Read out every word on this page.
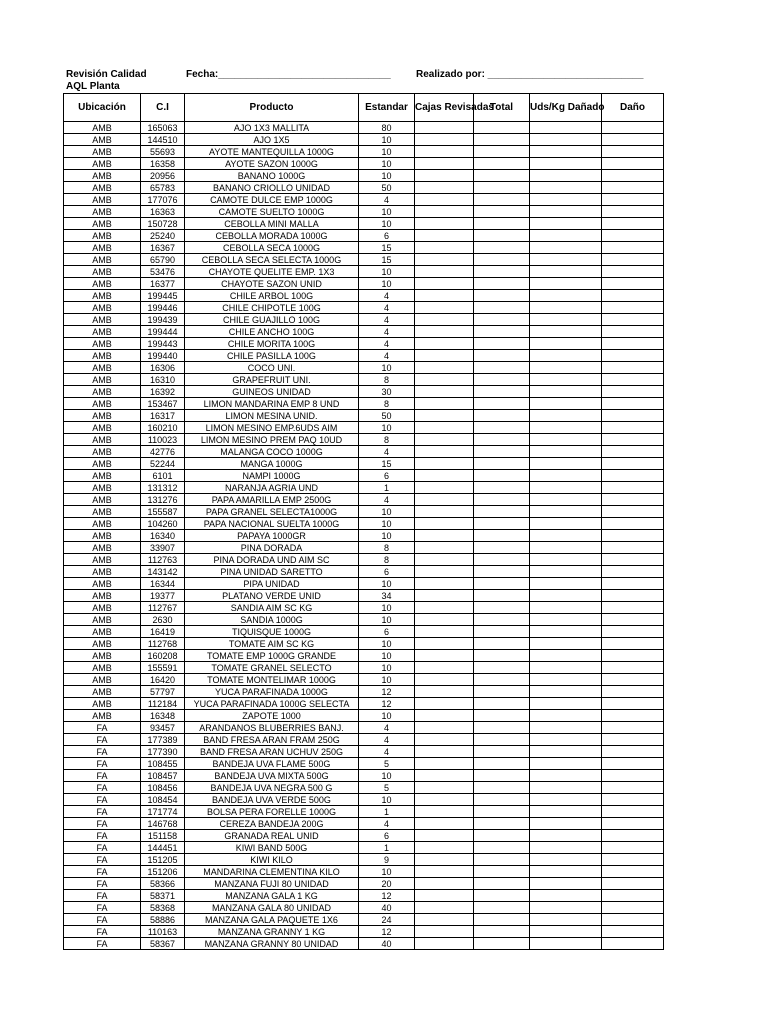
Revisión Calidad
AQL Planta
Fecha:_______________________________	Realizado por: ____________________________
Ubicación	C.I	Producto	Estandar	Cajas Revisadas	Total	Uds/Kg Dañado	Daño
AMB	165063	AJO 1X3 MALLITA	80				
AMB	144510	AJO 1X5	10				
AMB	55693	AYOTE MANTEQUILLA 1000G	10				
AMB	16358	AYOTE SAZON 1000G	10				
AMB	20956	BANANO 1000G	10				
AMB	65783	BANANO CRIOLLO UNIDAD	50				
AMB	177076	CAMOTE DULCE EMP 1000G	4				
AMB	16363	CAMOTE SUELTO 1000G	10				
AMB	150728	CEBOLLA MINI MALLA	10				
AMB	25240	CEBOLLA MORADA 1000G	6				
AMB	16367	CEBOLLA SECA 1000G	15				
AMB	65790	CEBOLLA SECA SELECTA 1000G	15				
AMB	53476	CHAYOTE QUELITE EMP. 1X3	10				
AMB	16377	CHAYOTE SAZON UNID	10				
AMB	199445	CHILE ARBOL 100G	4				
AMB	199446	CHILE CHIPOTLE 100G	4				
AMB	199439	CHILE GUAJILLO 100G	4				
AMB	199444	CHILE ANCHO 100G	4				
AMB	199443	CHILE MORITA 100G	4				
AMB	199440	CHILE PASILLA 100G	4				
AMB	16306	COCO UNI.	10				
AMB	16310	GRAPEFRUIT UNI.	8				
AMB	16392	GUINEOS UNIDAD	30				
AMB	153467	LIMON MANDARINA EMP 8 UND	8				
AMB	16317	LIMON MESINA UNID.	50				
AMB	160210	LIMON MESINO EMP.6UDS AIM	10				
AMB	110023	LIMON MESINO PREM PAQ 10UD	8				
AMB	42776	MALANGA COCO 1000G	4				
AMB	52244	MANGA 1000G	15				
AMB	6101	NAMPI 1000G	6				
AMB	131312	NARANJA AGRIA UND	1				
AMB	131276	PAPA AMARILLA EMP 2500G	4				
AMB	155587	PAPA GRANEL SELECTA1000G	10				
AMB	104260	PAPA NACIONAL SUELTA 1000G	10				
AMB	16340	PAPAYA 1000GR	10				
AMB	33907	PINA DORADA	8				
AMB	112763	PINA DORADA UND AIM SC	8				
AMB	143142	PINA UNIDAD SARETTO	6				
AMB	16344	PIPA UNIDAD	10				
AMB	19377	PLATANO VERDE UNID	34				
AMB	112767	SANDIA AIM SC KG	10				
AMB	2630	SANDIA 1000G	10				
AMB	16419	TIQUISQUE 1000G	6				
AMB	112768	TOMATE AIM SC KG	10				
AMB	160208	TOMATE EMP 1000G GRANDE	10				
AMB	155591	TOMATE GRANEL SELECTO	10				
AMB	16420	TOMATE MONTELIMAR 1000G	10				
AMB	57797	YUCA PARAFINADA 1000G	12				
AMB	112184	YUCA PARAFINADA 1000G SELECTA	12				
AMB	16348	ZAPOTE 1000	10				
FA	93457	ARANDANOS BLUBERRIES BANJ.	4				
FA	177389	BAND FRESA ARAN FRAM 250G	4				
FA	177390	BAND FRESA ARAN UCHUV 250G	4				
FA	108455	BANDEJA UVA FLAME 500G	5				
FA	108457	BANDEJA UVA MIXTA 500G	10				
FA	108456	BANDEJA UVA NEGRA 500 G	5				
FA	108454	BANDEJA UVA VERDE 500G	10				
FA	171774	BOLSA PERA FORELLE 1000G	1				
FA	146768	CEREZA BANDEJA 200G	4				
FA	151158	GRANADA REAL UNID	6				
FA	144451	KIWI BAND 500G	1				
FA	151205	KIWI KILO	9				
FA	151206	MANDARINA CLEMENTINA KILO	10				
FA	58366	MANZANA FUJI 80 UNIDAD	20				
FA	58371	MANZANA GALA 1 KG	12				
FA	58368	MANZANA GALA 80 UNIDAD	40				
FA	58886	MANZANA GALA PAQUETE 1X6	24				
FA	110163	MANZANA GRANNY 1 KG	12				
FA	58367	MANZANA GRANNY 80 UNIDAD	40				
